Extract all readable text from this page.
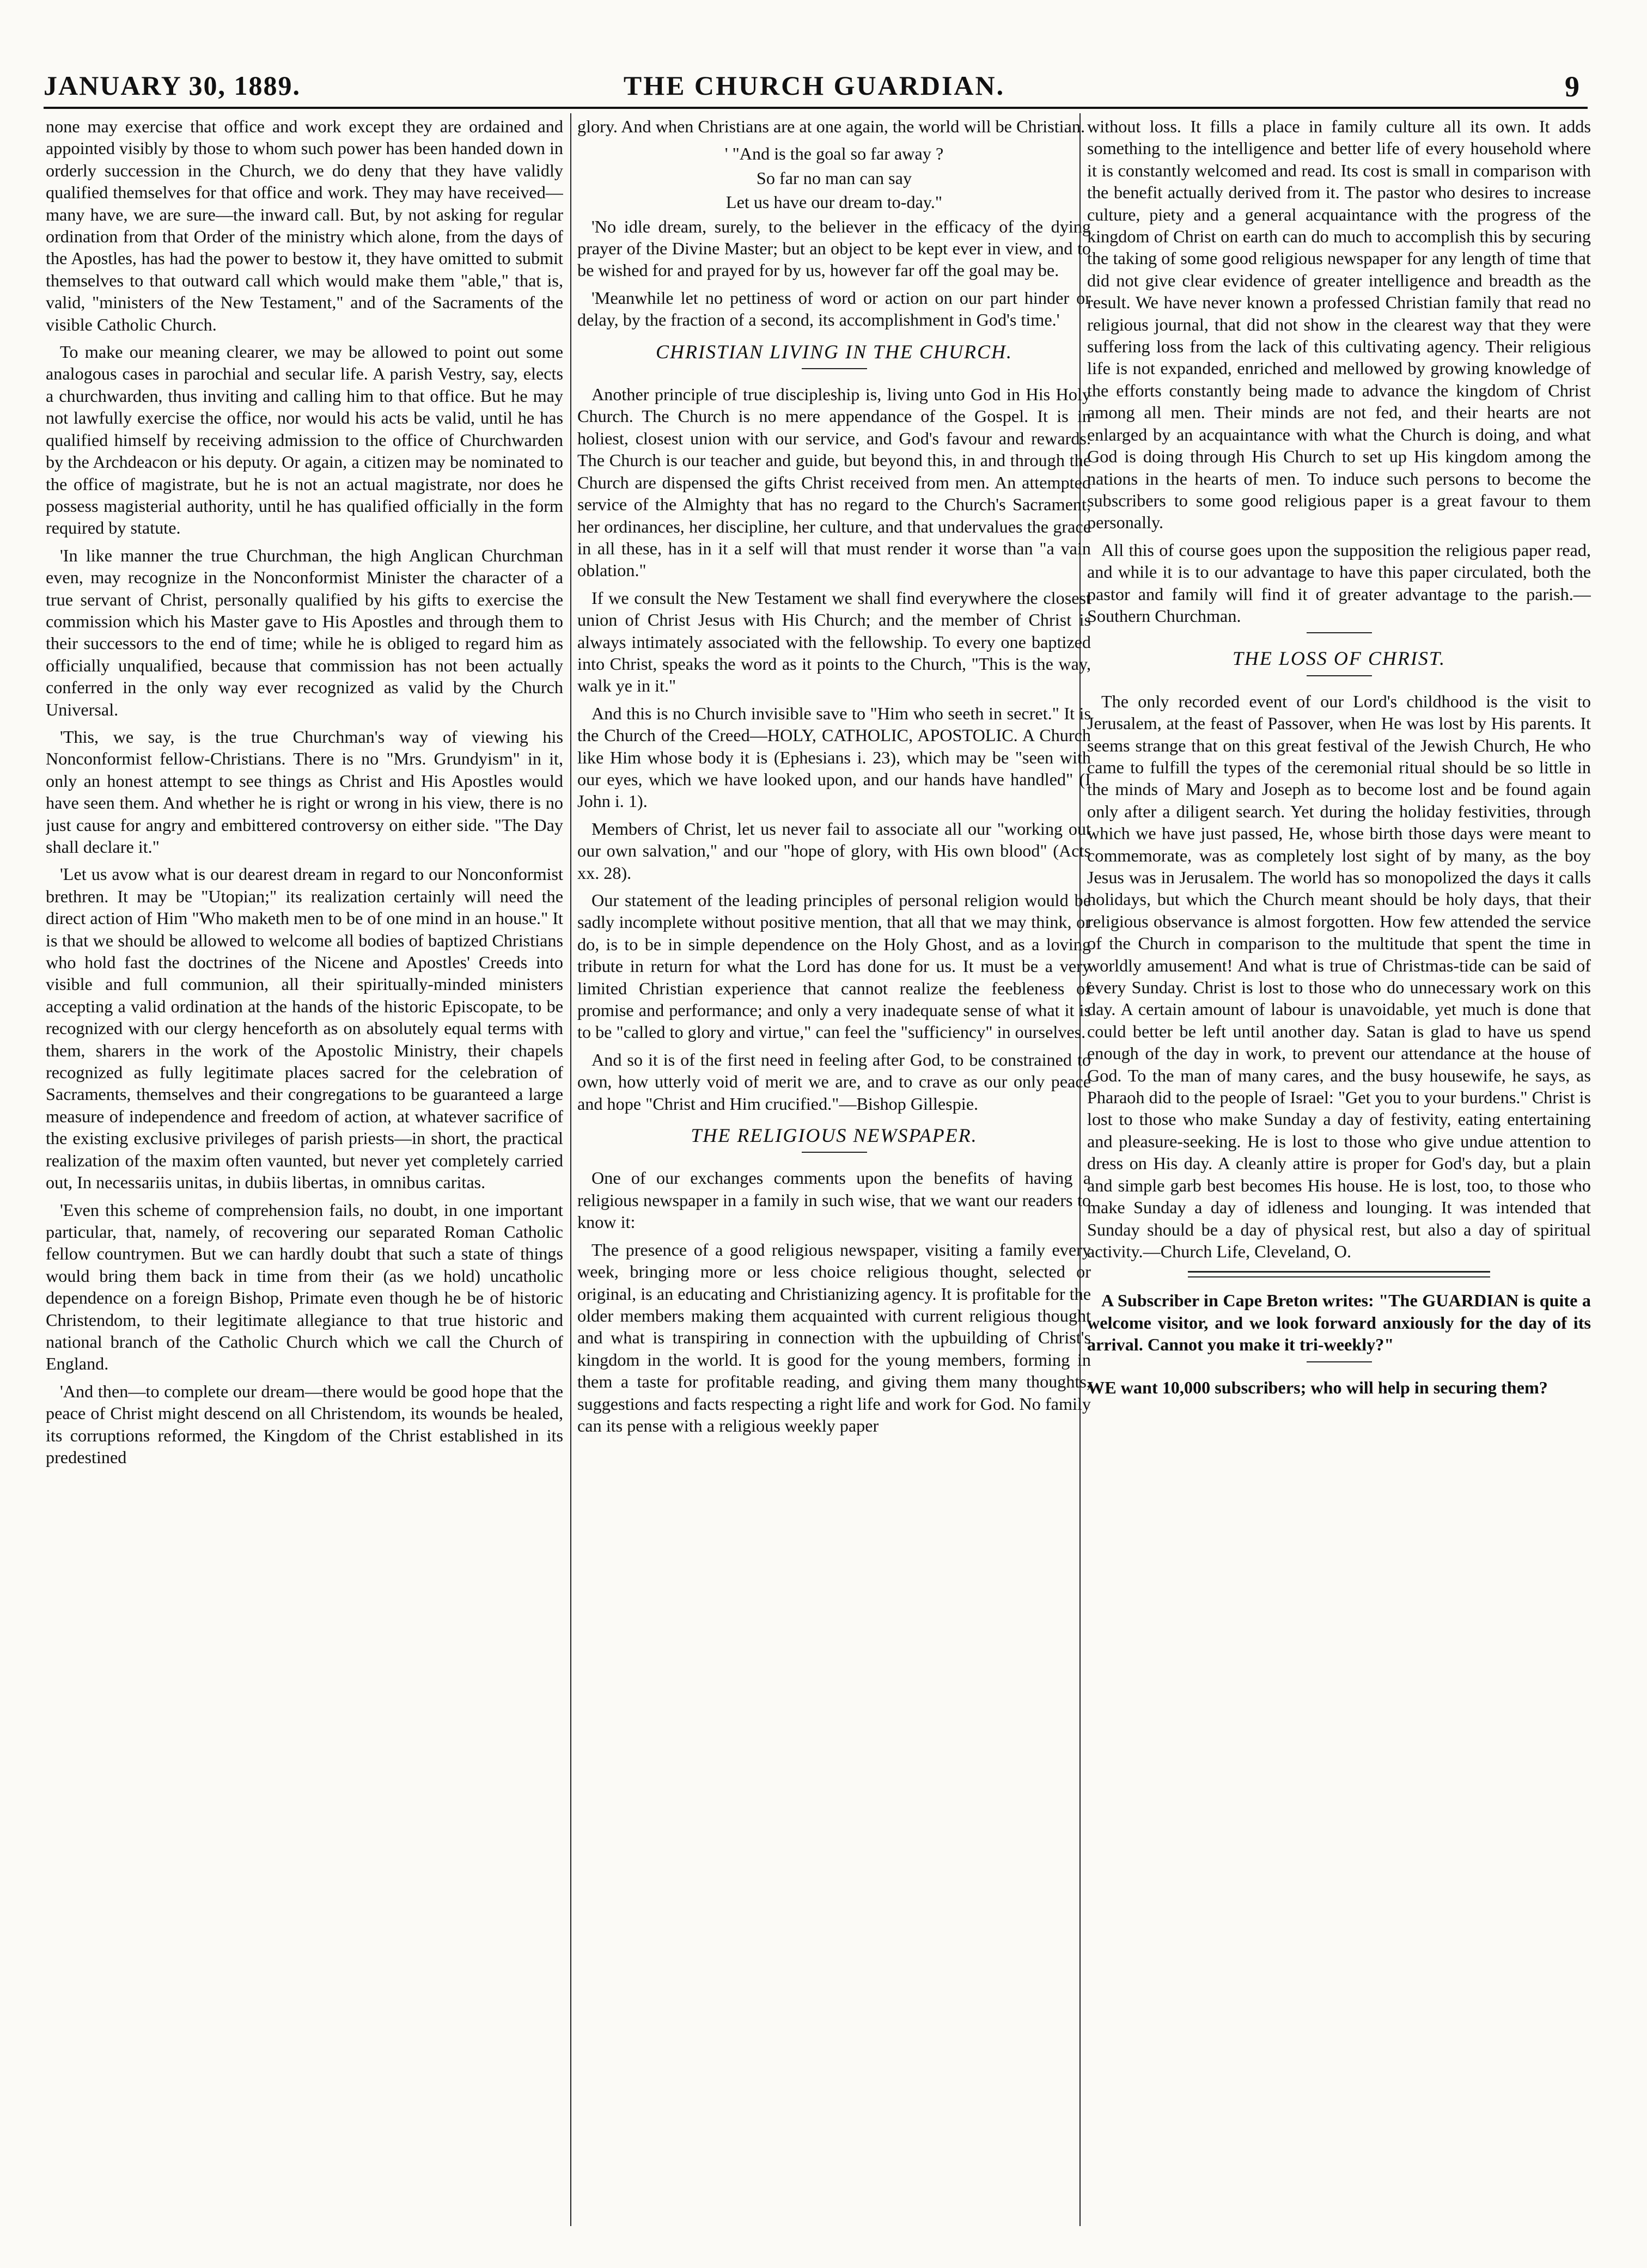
JANUARY 30, 1889.	THE CHURCH GUARDIAN.	9

none may exercise that office and work except they are ordained and appointed visibly by those to whom such power has been handed down in orderly succession in the Church, we do deny that they have validly qualified themselves for that office and work. They may have received—many have, we are sure—the inward call. But, by not asking for regular ordination from that Order of the ministry which alone, from the days of the Apostles, has had the power to bestow it, they have omitted to submit themselves to that outward call which would make them "able," that is, valid, "ministers of the New Testament," and of the Sacraments of the visible Catholic Church.

To make our meaning clearer, we may be allowed to point out some analogous cases in parochial and secular life. A parish Vestry, say, elects a churchwarden, thus inviting and calling him to that office. But he may not lawfully exercise the office, nor would his acts be valid, until he has qualified himself by receiving admission to the office of Churchwarden by the Archdeacon or his deputy. Or again, a citizen may be nominated to the office of magistrate, but he is not an actual magistrate, nor does he possess magisterial authority, until he has qualified officially in the form required by statute.

'In like manner the true Churchman, the high Anglican Churchman even, may recognize in the Nonconformist Minister the character of a true servant of Christ, personally qualified by his gifts to exercise the commission which his Master gave to His Apostles and through them to their successors to the end of time; while he is obliged to regard him as officially unqualified, because that commission has not been actually conferred in the only way ever recognized as valid by the Church Universal.

'This, we say, is the true Churchman's way of viewing his Nonconformist fellow-Christians. There is no "Mrs. Grundyism" in it, only an honest attempt to see things as Christ and His Apostles would have seen them. And whether he is right or wrong in his view, there is no just cause for angry and embittered controversy on either side. "The Day shall declare it."

'Let us avow what is our dearest dream in regard to our Nonconformist brethren. It may be "Utopian;" its realization certainly will need the direct action of Him "Who maketh men to be of one mind in an house." It is that we should be allowed to welcome all bodies of baptized Christians who hold fast the doctrines of the Nicene and Apostles' Creeds into visible and full communion, all their spiritually-minded ministers accepting a valid ordination at the hands of the historic Episcopate, to be recognized with our clergy henceforth as on absolutely equal terms with them, sharers in the work of the Apostolic Ministry, their chapels recognized as fully legitimate places sacred for the celebration of Sacraments, themselves and their congregations to be guaranteed a large measure of independence and freedom of action, at whatever sacrifice of the existing exclusive privileges of parish priests—in short, the practical realization of the maxim often vaunted, but never yet completely carried out, In necessariis unitas, in dubiis libertas, in omnibus caritas.

'Even this scheme of comprehension fails, no doubt, in one important particular, that, namely, of recovering our separated Roman Catholic fellow countrymen. But we can hardly doubt that such a state of things would bring them back in time from their (as we hold) uncatholic dependence on a foreign Bishop, Primate even though he be of historic Christendom, to their legitimate allegiance to that true historic and national branch of the Catholic Church which we call the Church of England.

'And then—to complete our dream—there would be good hope that the peace of Christ might descend on all Christendom, its wounds be healed, its corruptions reformed, the Kingdom of the Christ established in its predestined

glory. And when Christians are at one again, the world will be Christian.

' "And is the goal so far away ?

So far no man can say

Let us have our dream to-day."

'No idle dream, surely, to the believer in the efficacy of the dying prayer of the Divine Master; but an object to be kept ever in view, and to be wished for and prayed for by us, however far off the goal may be.

'Meanwhile let no pettiness of word or action on our part hinder or delay, by the fraction of a second, its accomplishment in God's time.'

CHRISTIAN LIVING IN THE CHURCH.

Another principle of true discipleship is, living unto God in His Holy Church. The Church is no mere appendance of the Gospel. It is in holiest, closest union with our service, and God's favour and rewards. The Church is our teacher and guide, but beyond this, in and through the Church are dispensed the gifts Christ received from men. An attempted service of the Almighty that has no regard to the Church's Sacrament, her ordinances, her discipline, her culture, and that undervalues the grace in all these, has in it a self will that must render it worse than "a vain oblation."

If we consult the New Testament we shall find everywhere the closest union of Christ Jesus with His Church; and the member of Christ is always intimately associated with the fellowship. To every one baptized into Christ, speaks the word as it points to the Church, "This is the way, walk ye in it."

And this is no Church invisible save to "Him who seeth in secret." It is the Church of the Creed—HOLY, CATHOLIC, APOSTOLIC. A Church like Him whose body it is (Ephesians i. 23), which may be "seen with our eyes, which we have looked upon, and our hands have handled" (I John i. 1).

Members of Christ, let us never fail to associate all our "working out our own salvation," and our "hope of glory, with His own blood" (Acts xx. 28).

Our statement of the leading principles of personal religion would be sadly incomplete without positive mention, that all that we may think, or do, is to be in simple dependence on the Holy Ghost, and as a loving tribute in return for what the Lord has done for us. It must be a very limited Christian experience that cannot realize the feebleness of promise and performance; and only a very inadequate sense of what it is to be "called to glory and virtue," can feel the "sufficiency" in ourselves.

And so it is of the first need in feeling after God, to be constrained to own, how utterly void of merit we are, and to crave as our only peace and hope "Christ and Him crucified."—Bishop Gillespie.

THE RELIGIOUS NEWSPAPER.

One of our exchanges comments upon the benefits of having a religious newspaper in a family in such wise, that we want our readers to know it:

The presence of a good religious newspaper, visiting a family every week, bringing more or less choice religious thought, selected or original, is an educating and Christianizing agency. It is profitable for the older members making them acquainted with current religious thought and what is transpiring in connection with the upbuilding of Christ's kingdom in the world. It is good for the young members, forming in them a taste for profitable reading, and giving them many thoughts, suggestions and facts respecting a right life and work for God. No family can its pense with a religious weekly paper

without loss. It fills a place in family culture all its own. It adds something to the intelligence and better life of every household where it is constantly welcomed and read. Its cost is small in comparison with the benefit actually derived from it. The pastor who desires to increase culture, piety and a general acquaintance with the progress of the kingdom of Christ on earth can do much to accomplish this by securing the taking of some good religious newspaper for any length of time that did not give clear evidence of greater intelligence and breadth as the result. We have never known a professed Christian family that read no religious journal, that did not show in the clearest way that they were suffering loss from the lack of this cultivating agency. Their religious life is not expanded, enriched and mellowed by growing knowledge of the efforts constantly being made to advance the kingdom of Christ among all men. Their minds are not fed, and their hearts are not enlarged by an acquaintance with what the Church is doing, and what God is doing through His Church to set up His kingdom among the nations in the hearts of men. To induce such persons to become the subscribers to some good religious paper is a great favour to them personally.

All this of course goes upon the supposition the religious paper read, and while it is to our advantage to have this paper circulated, both the pastor and family will find it of greater advantage to the parish.—Southern Churchman.

THE LOSS OF CHRIST.

The only recorded event of our Lord's childhood is the visit to Jerusalem, at the feast of Passover, when He was lost by His parents. It seems strange that on this great festival of the Jewish Church, He who came to fulfill the types of the ceremonial ritual should be so little in the minds of Mary and Joseph as to become lost and be found again only after a diligent search. Yet during the holiday festivities, through which we have just passed, He, whose birth those days were meant to commemorate, was as completely lost sight of by many, as the boy Jesus was in Jerusalem. The world has so monopolized the days it calls holidays, but which the Church meant should be holy days, that their religious observance is almost forgotten. How few attended the service of the Church in comparison to the multitude that spent the time in worldly amusement! And what is true of Christmas-tide can be said of every Sunday. Christ is lost to those who do unnecessary work on this day. A certain amount of labour is unavoidable, yet much is done that could better be left until another day. Satan is glad to have us spend enough of the day in work, to prevent our attendance at the house of God. To the man of many cares, and the busy housewife, he says, as Pharaoh did to the people of Israel: "Get you to your burdens." Christ is lost to those who make Sunday a day of festivity, eating entertaining and pleasure-seeking. He is lost to those who give undue attention to dress on His day. A cleanly attire is proper for God's day, but a plain and simple garb best becomes His house. He is lost, too, to those who make Sunday a day of idleness and lounging. It was intended that Sunday should be a day of physical rest, but also a day of spiritual activity.—Church Life, Cleveland, O.

A Subscriber in Cape Breton writes: "The GUARDIAN is quite a welcome visitor, and we look forward anxiously for the day of its arrival. Cannot you make it tri-weekly?"

WE want 10,000 subscribers; who will help in securing them?
